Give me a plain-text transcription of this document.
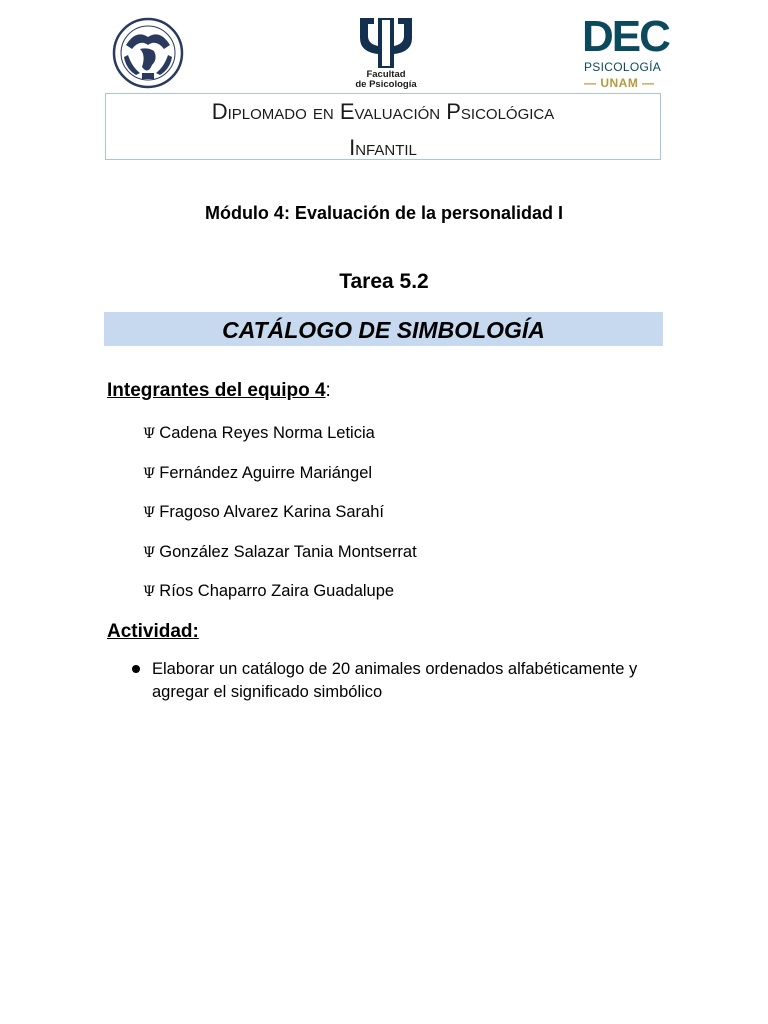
Facultad
de Psicología
DEC
PSICOLOGÍA
— UNAM —
Diplomado en Evaluación Psicológica
Infantil
Módulo 4: Evaluación de la personalidad I
Tarea 5.2
CATÁLOGO DE SIMBOLOGÍA
Integrantes del equipo 4:
Ψ Cadena Reyes Norma Leticia
Ψ Fernández Aguirre Mariángel
Ψ Fragoso Alvarez Karina Sarahí
Ψ González Salazar Tania Montserrat
Ψ Ríos Chaparro Zaira Guadalupe
Actividad:
Elaborar un catálogo de 20 animales ordenados alfabéticamente y agregar el significado simbólico
